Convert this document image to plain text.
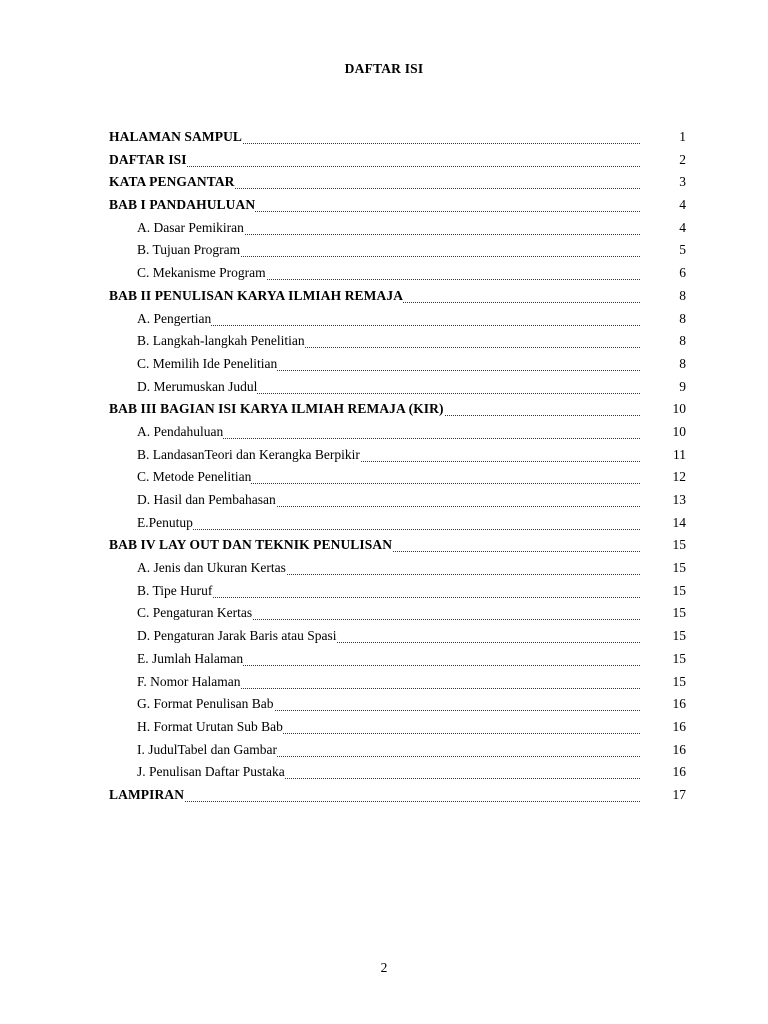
DAFTAR ISI
HALAMAN SAMPUL	1
DAFTAR ISI	2
KATA PENGANTAR	3
BAB I PANDAHULUAN	4
A. Dasar Pemikiran	4
B. Tujuan Program	5
C. Mekanisme Program	6
BAB II PENULISAN KARYA ILMIAH REMAJA	8
A. Pengertian	8
B. Langkah-langkah Penelitian	8
C. Memilih Ide Penelitian	8
D. Merumuskan Judul	9
BAB III BAGIAN ISI KARYA ILMIAH REMAJA (KIR)	10
A. Pendahuluan	10
B. LandasanTeori dan Kerangka Berpikir	11
C. Metode Penelitian	12
D. Hasil dan Pembahasan	13
E.Penutup	14
BAB IV LAY OUT DAN TEKNIK PENULISAN	15
A. Jenis dan Ukuran Kertas	15
B. Tipe Huruf	15
C. Pengaturan Kertas	15
D. Pengaturan Jarak Baris atau Spasi	15
E. Jumlah Halaman	15
F. Nomor Halaman	15
G. Format Penulisan Bab	16
H. Format Urutan Sub Bab	16
I. JudulTabel dan Gambar	16
J. Penulisan Daftar Pustaka	16
LAMPIRAN	17
2
